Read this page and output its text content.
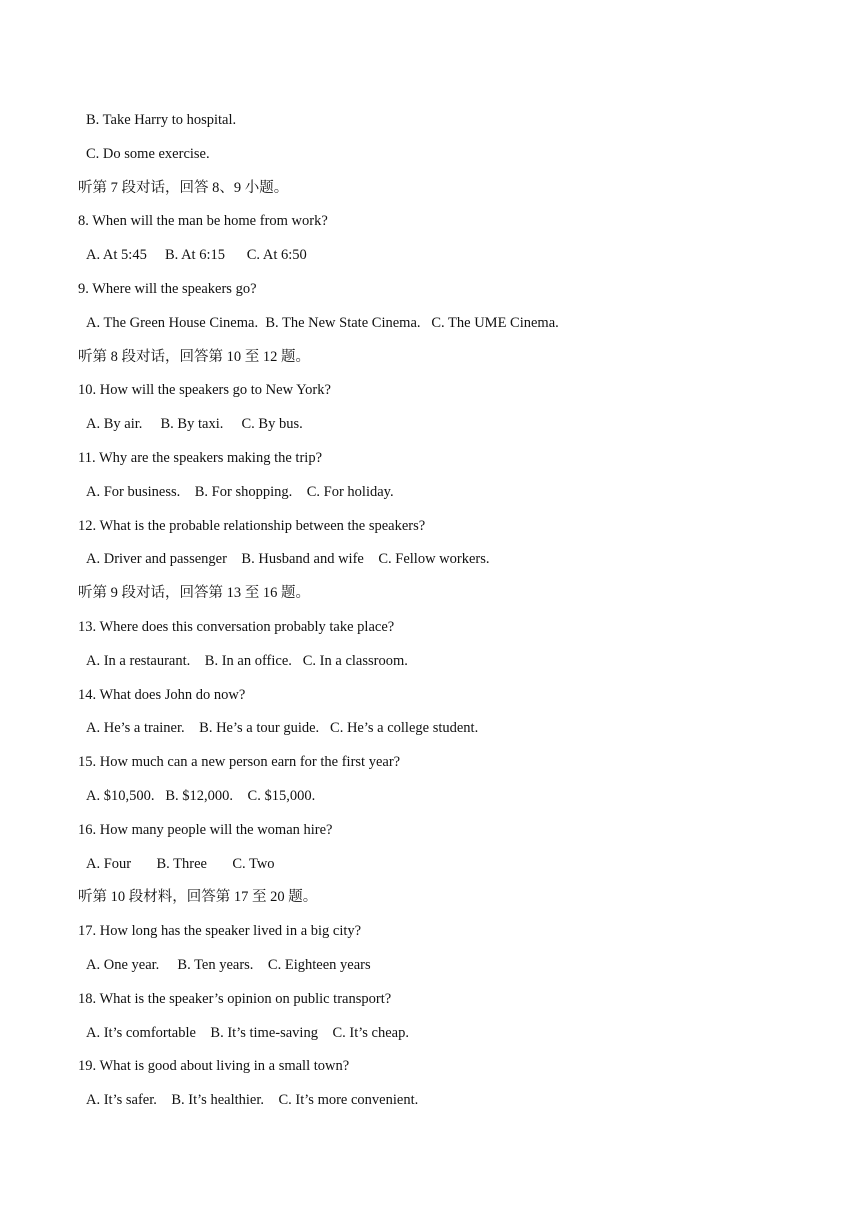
B. Take Harry to hospital.
C. Do some exercise.
听第 7 段对话，回答 8、9 小题。
8. When will the man be home from work?
A. At 5:45     B. At 6:15      C. At 6:50
9. Where will the speakers go?
A. The Green House Cinema.  B. The New State Cinema.   C. The UME Cinema.
听第 8 段对话，回答第 10 至 12 题。
10. How will the speakers go to New York?
A. By air.     B. By taxi.     C. By bus.
11. Why are the speakers making the trip?
A. For business.    B. For shopping.    C. For holiday.
12. What is the probable relationship between the speakers?
A. Driver and passenger    B. Husband and wife    C. Fellow workers.
听第 9 段对话，回答第 13 至 16 题。
13. Where does this conversation probably take place?
A. In a restaurant.    B. In an office.   C. In a classroom.
14. What does John do now?
A. He’s a trainer.    B. He’s a tour guide.   C. He’s a college student.
15. How much can a new person earn for the first year?
A. $10,500.   B. $12,000.    C. $15,000.
16. How many people will the woman hire?
A. Four       B. Three       C. Two
听第 10 段材料，回答第 17 至 20 题。
17. How long has the speaker lived in a big city?
A. One year.     B. Ten years.    C. Eighteen years
18. What is the speaker’s opinion on public transport?
A. It’s comfortable    B. It’s time-saving    C. It’s cheap.
19. What is good about living in a small town?
A. It’s safer.    B. It’s healthier.    C. It’s more convenient.
